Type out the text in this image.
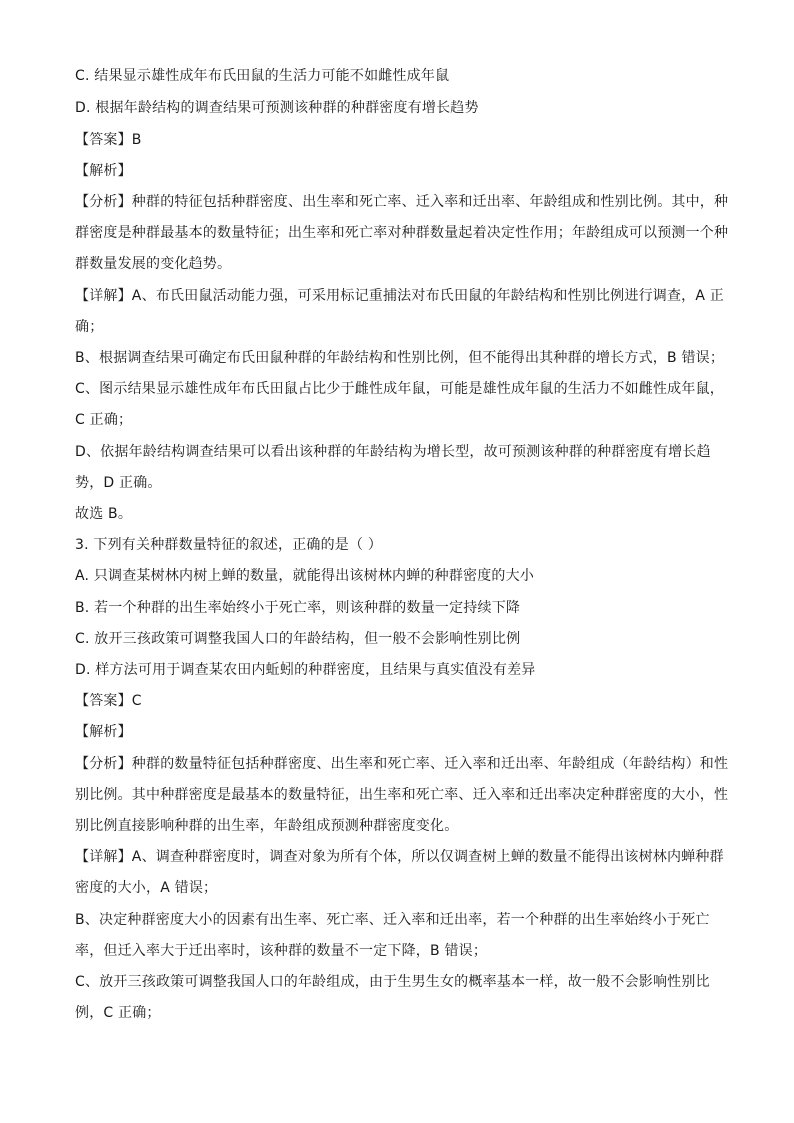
C. 结果显示雄性成年布氏田鼠的生活力可能不如雌性成年鼠
D. 根据年龄结构的调查结果可预测该种群的种群密度有增长趋势
【答案】B
【解析】
【分析】种群的特征包括种群密度、出生率和死亡率、迁入率和迁出率、年龄组成和性别比例。其中，种
群密度是种群最基本的数量特征；出生率和死亡率对种群数量起着决定性作用；年龄组成可以预测一个种
群数量发展的变化趋势。
【详解】A、布氏田鼠活动能力强，可采用标记重捕法对布氏田鼠的年龄结构和性别比例进行调查，A 正
确；
B、根据调查结果可确定布氏田鼠种群的年龄结构和性别比例，但不能得出其种群的增长方式，B 错误；
C、图示结果显示雄性成年布氏田鼠占比少于雌性成年鼠，可能是雄性成年鼠的生活力不如雌性成年鼠，
C 正确；
D、依据年龄结构调查结果可以看出该种群的年龄结构为增长型，故可预测该种群的种群密度有增长趋
势，D 正确。
故选 B。
3. 下列有关种群数量特征的叙述，正确的是（ ）
A. 只调查某树林内树上蝉的数量，就能得出该树林内蝉的种群密度的大小
B. 若一个种群的出生率始终小于死亡率，则该种群的数量一定持续下降
C. 放开三孩政策可调整我国人口的年龄结构，但一般不会影响性别比例
D. 样方法可用于调查某农田内蚯蚓的种群密度，且结果与真实值没有差异
【答案】C
【解析】
【分析】种群的数量特征包括种群密度、出生率和死亡率、迁入率和迁出率、年龄组成（年龄结构）和性
别比例。其中种群密度是最基本的数量特征，出生率和死亡率、迁入率和迁出率决定种群密度的大小，性
别比例直接影响种群的出生率，年龄组成预测种群密度变化。
【详解】A、调查种群密度时，调查对象为所有个体，所以仅调查树上蝉的数量不能得出该树林内蝉种群
密度的大小，A 错误；
B、决定种群密度大小的因素有出生率、死亡率、迁入率和迁出率，若一个种群的出生率始终小于死亡
率，但迁入率大于迁出率时，该种群的数量不一定下降，B 错误；
C、放开三孩政策可调整我国人口的年龄组成，由于生男生女的概率基本一样，故一般不会影响性别比
例，C 正确；
